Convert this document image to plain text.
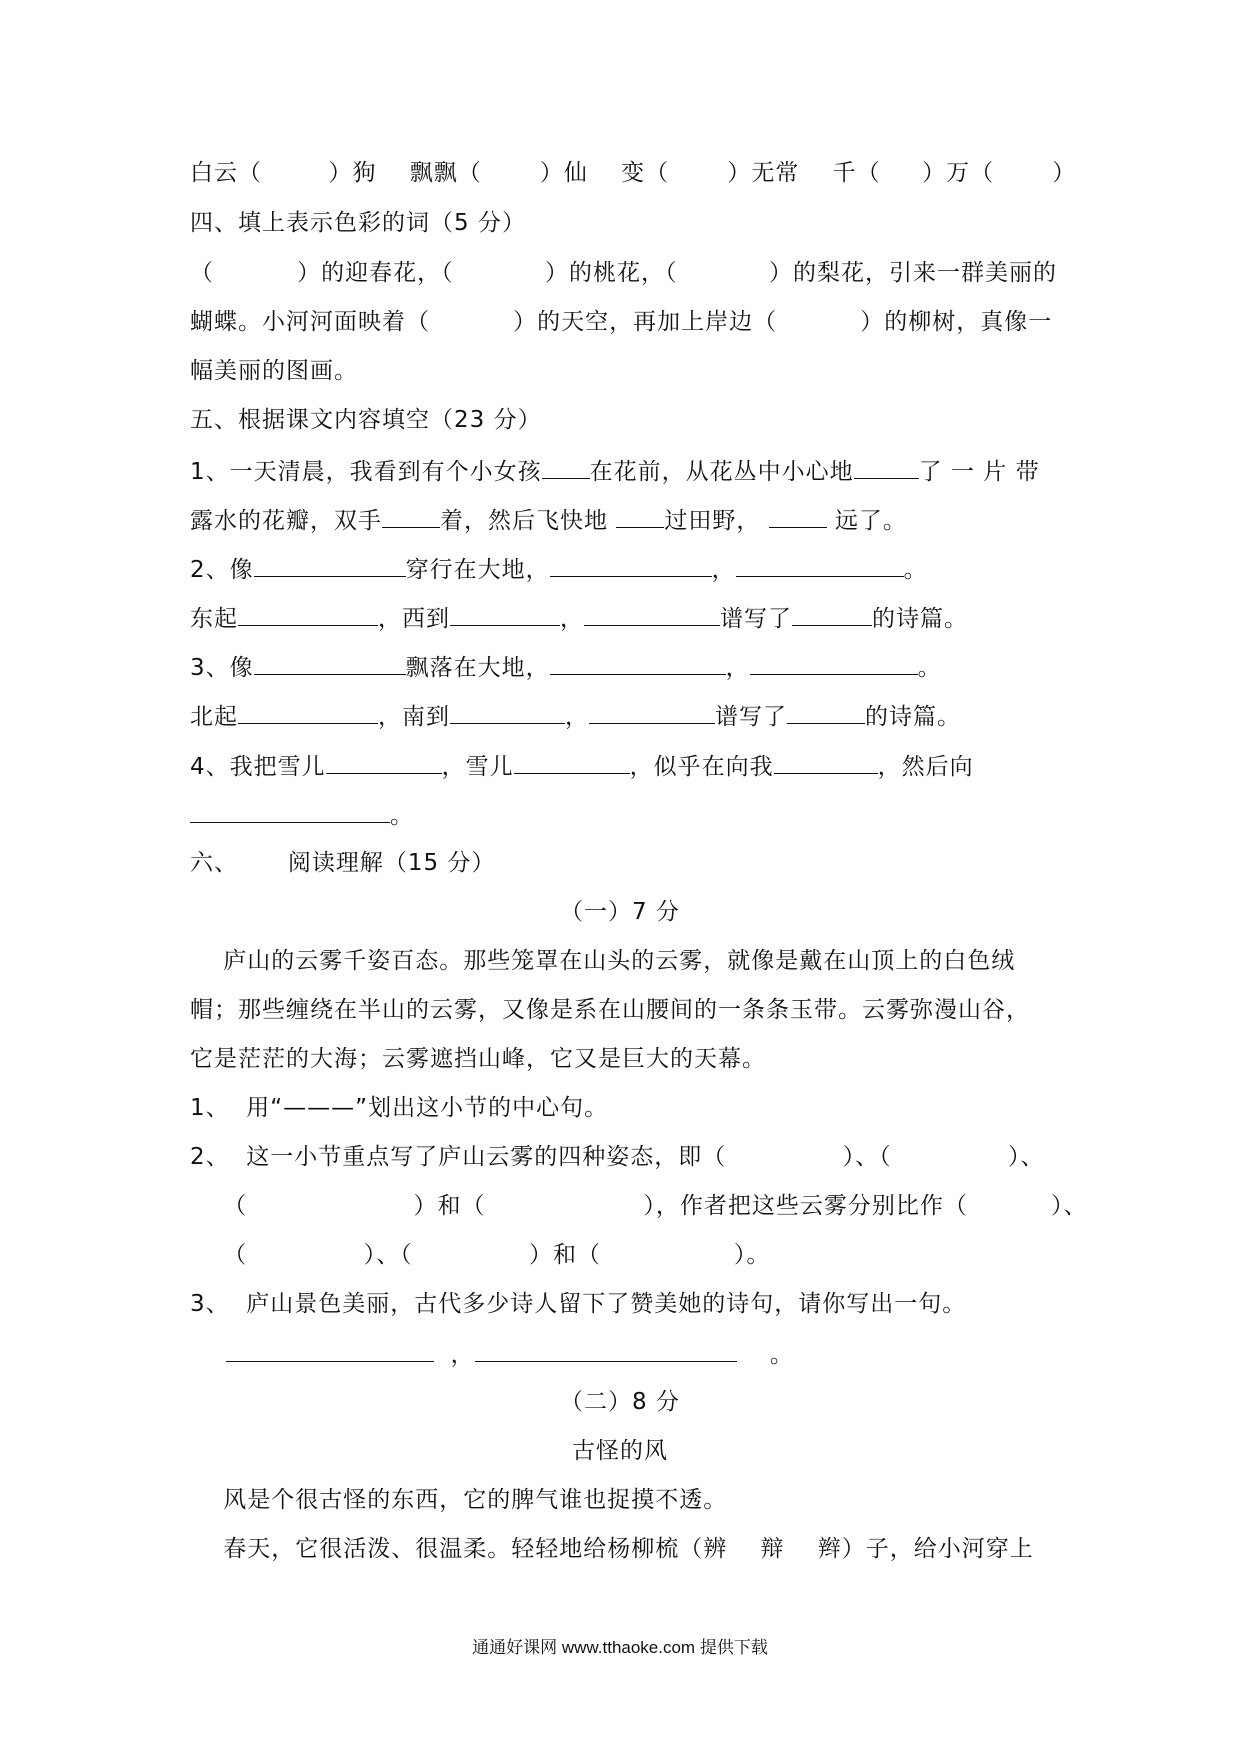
白云（        ）狗    飘飘（       ）仙    变（       ）无常    千（     ）万（       ）
四、填上表示色彩的词（5 分）
（          ）的迎春花，（           ）的桃花，（           ）的梨花，引来一群美丽的
蝴蝶。小河河面映着（          ）的天空，再加上岸边（          ）的柳树，真像一
幅美丽的图画。
五、根据课文内容填空（23 分）
1、一天清晨，我看到有个小女孩 在花前，从花丛中小心地	了 一 片 带
露水的花瓣，双手	着，然后飞快地 过田野，	远了。
2、像	穿行在大地，	，	。
东起	，西到	，	谱写了	的诗篇。
3、像	飘落在大地，	，	。
北起	，南到	，	谱写了	的诗篇。
4、我把雪儿	，雪儿	，似乎在向我	，然后向
。
六、      阅读理解（15 分）
（一）7 分
庐山的云雾千姿百态。那些笼罩在山头的云雾，就像是戴在山顶上的白色绒
帽；那些缠绕在半山的云雾，又像是系在山腰间的一条条玉带。云雾弥漫山谷，
它是茫茫的大海；云雾遮挡山峰，它又是巨大的天幕。
1、  用“———”划出这小节的中心句。
2、  这一小节重点写了庐山云雾的四种姿态，即（              ）、（              ）、
（                    ）和（                   ），作者把这些云雾分别比作（          ）、
（              ）、（              ）和（                ）。
3、  庐山景色美丽，古代多少诗人留下了赞美她的诗句，请你写出一句。
，	。
（二）8 分
古怪的风
风是个很古怪的东西，它的脾气谁也捉摸不透。
春天，它很活泼、很温柔。轻轻地给杨柳梳（辨    辩    辫）子，给小河穿上
通通好课网 www.tthaoke.com 提供下载
